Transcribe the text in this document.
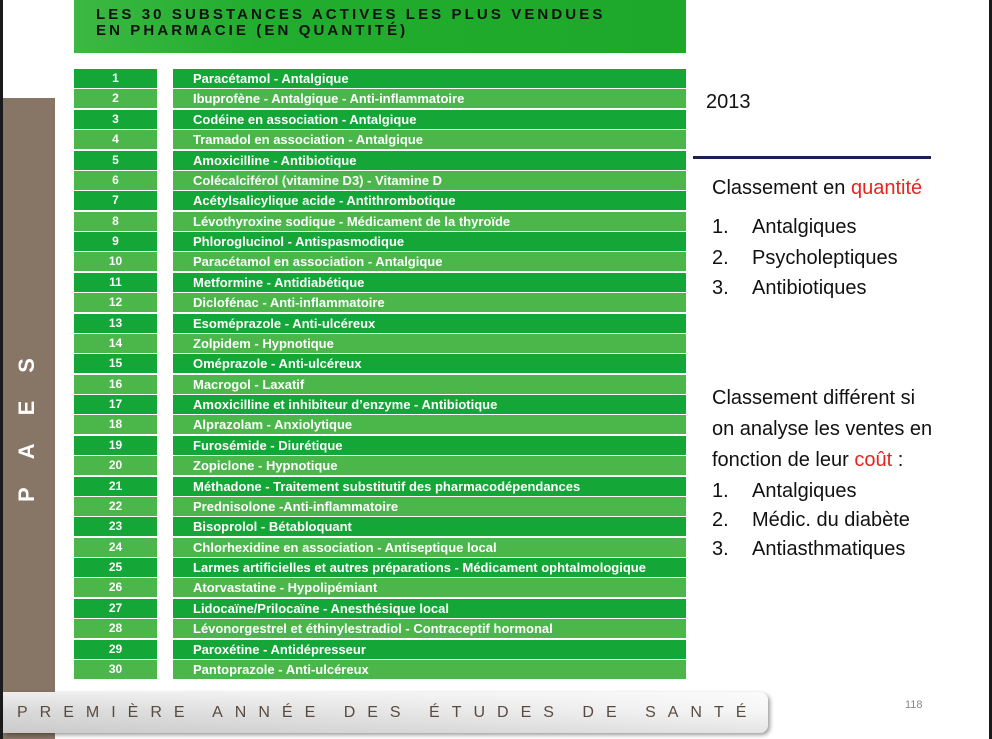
P
A
E
S
LES 30 SUBSTANCES ACTIVES LES PLUS VENDUES
EN PHARMACIE (EN QUANTITÉ)
1	Paracétamol - Antalgique
2	Ibuprofène - Antalgique - Anti-inflammatoire
3	Codéine en association - Antalgique
4	Tramadol en association - Antalgique
5	Amoxicilline - Antibiotique
6	Colécalciférol (vitamine D3) - Vitamine D
7	Acétylsalicylique acide - Antithrombotique
8	Lévothyroxine sodique - Médicament de la thyroïde
9	Phloroglucinol - Antispasmodique
10	Paracétamol en association - Antalgique
11	Metformine - Antidiabétique
12	Diclofénac - Anti-inflammatoire
13	Esoméprazole - Anti-ulcéreux
14	Zolpidem - Hypnotique
15	Oméprazole - Anti-ulcéreux
16	Macrogol - Laxatif
17	Amoxicilline et inhibiteur d’enzyme - Antibiotique
18	Alprazolam - Anxiolytique
19	Furosémide - Diurétique
20	Zopiclone - Hypnotique
21	Méthadone - Traitement substitutif des pharmacodépendances
22	Prednisolone -Anti-inflammatoire
23	Bisoprolol - Bétabloquant
24	Chlorhexidine en association - Antiseptique local
25	Larmes artificielles et autres préparations - Médicament ophtalmologique
26	Atorvastatine - Hypolipémiant
27	Lidocaïne/Prilocaïne - Anesthésique local
28	Lévonorgestrel et éthinylestradiol - Contraceptif hormonal
29	Paroxétine - Antidépresseur
30	Pantoprazole - Anti-ulcéreux
2013
Classement en quantité
1. Antalgiques
2. Psycholeptiques
3. Antibiotiques
Classement différent si
on analyse les ventes en
fonction de leur coût :
1. Antalgiques
2. Médic. du diabète
3. Antiasthmatiques
PREMIÈRE ANNÉE DES ÉTUDES DE SANTÉ	118
